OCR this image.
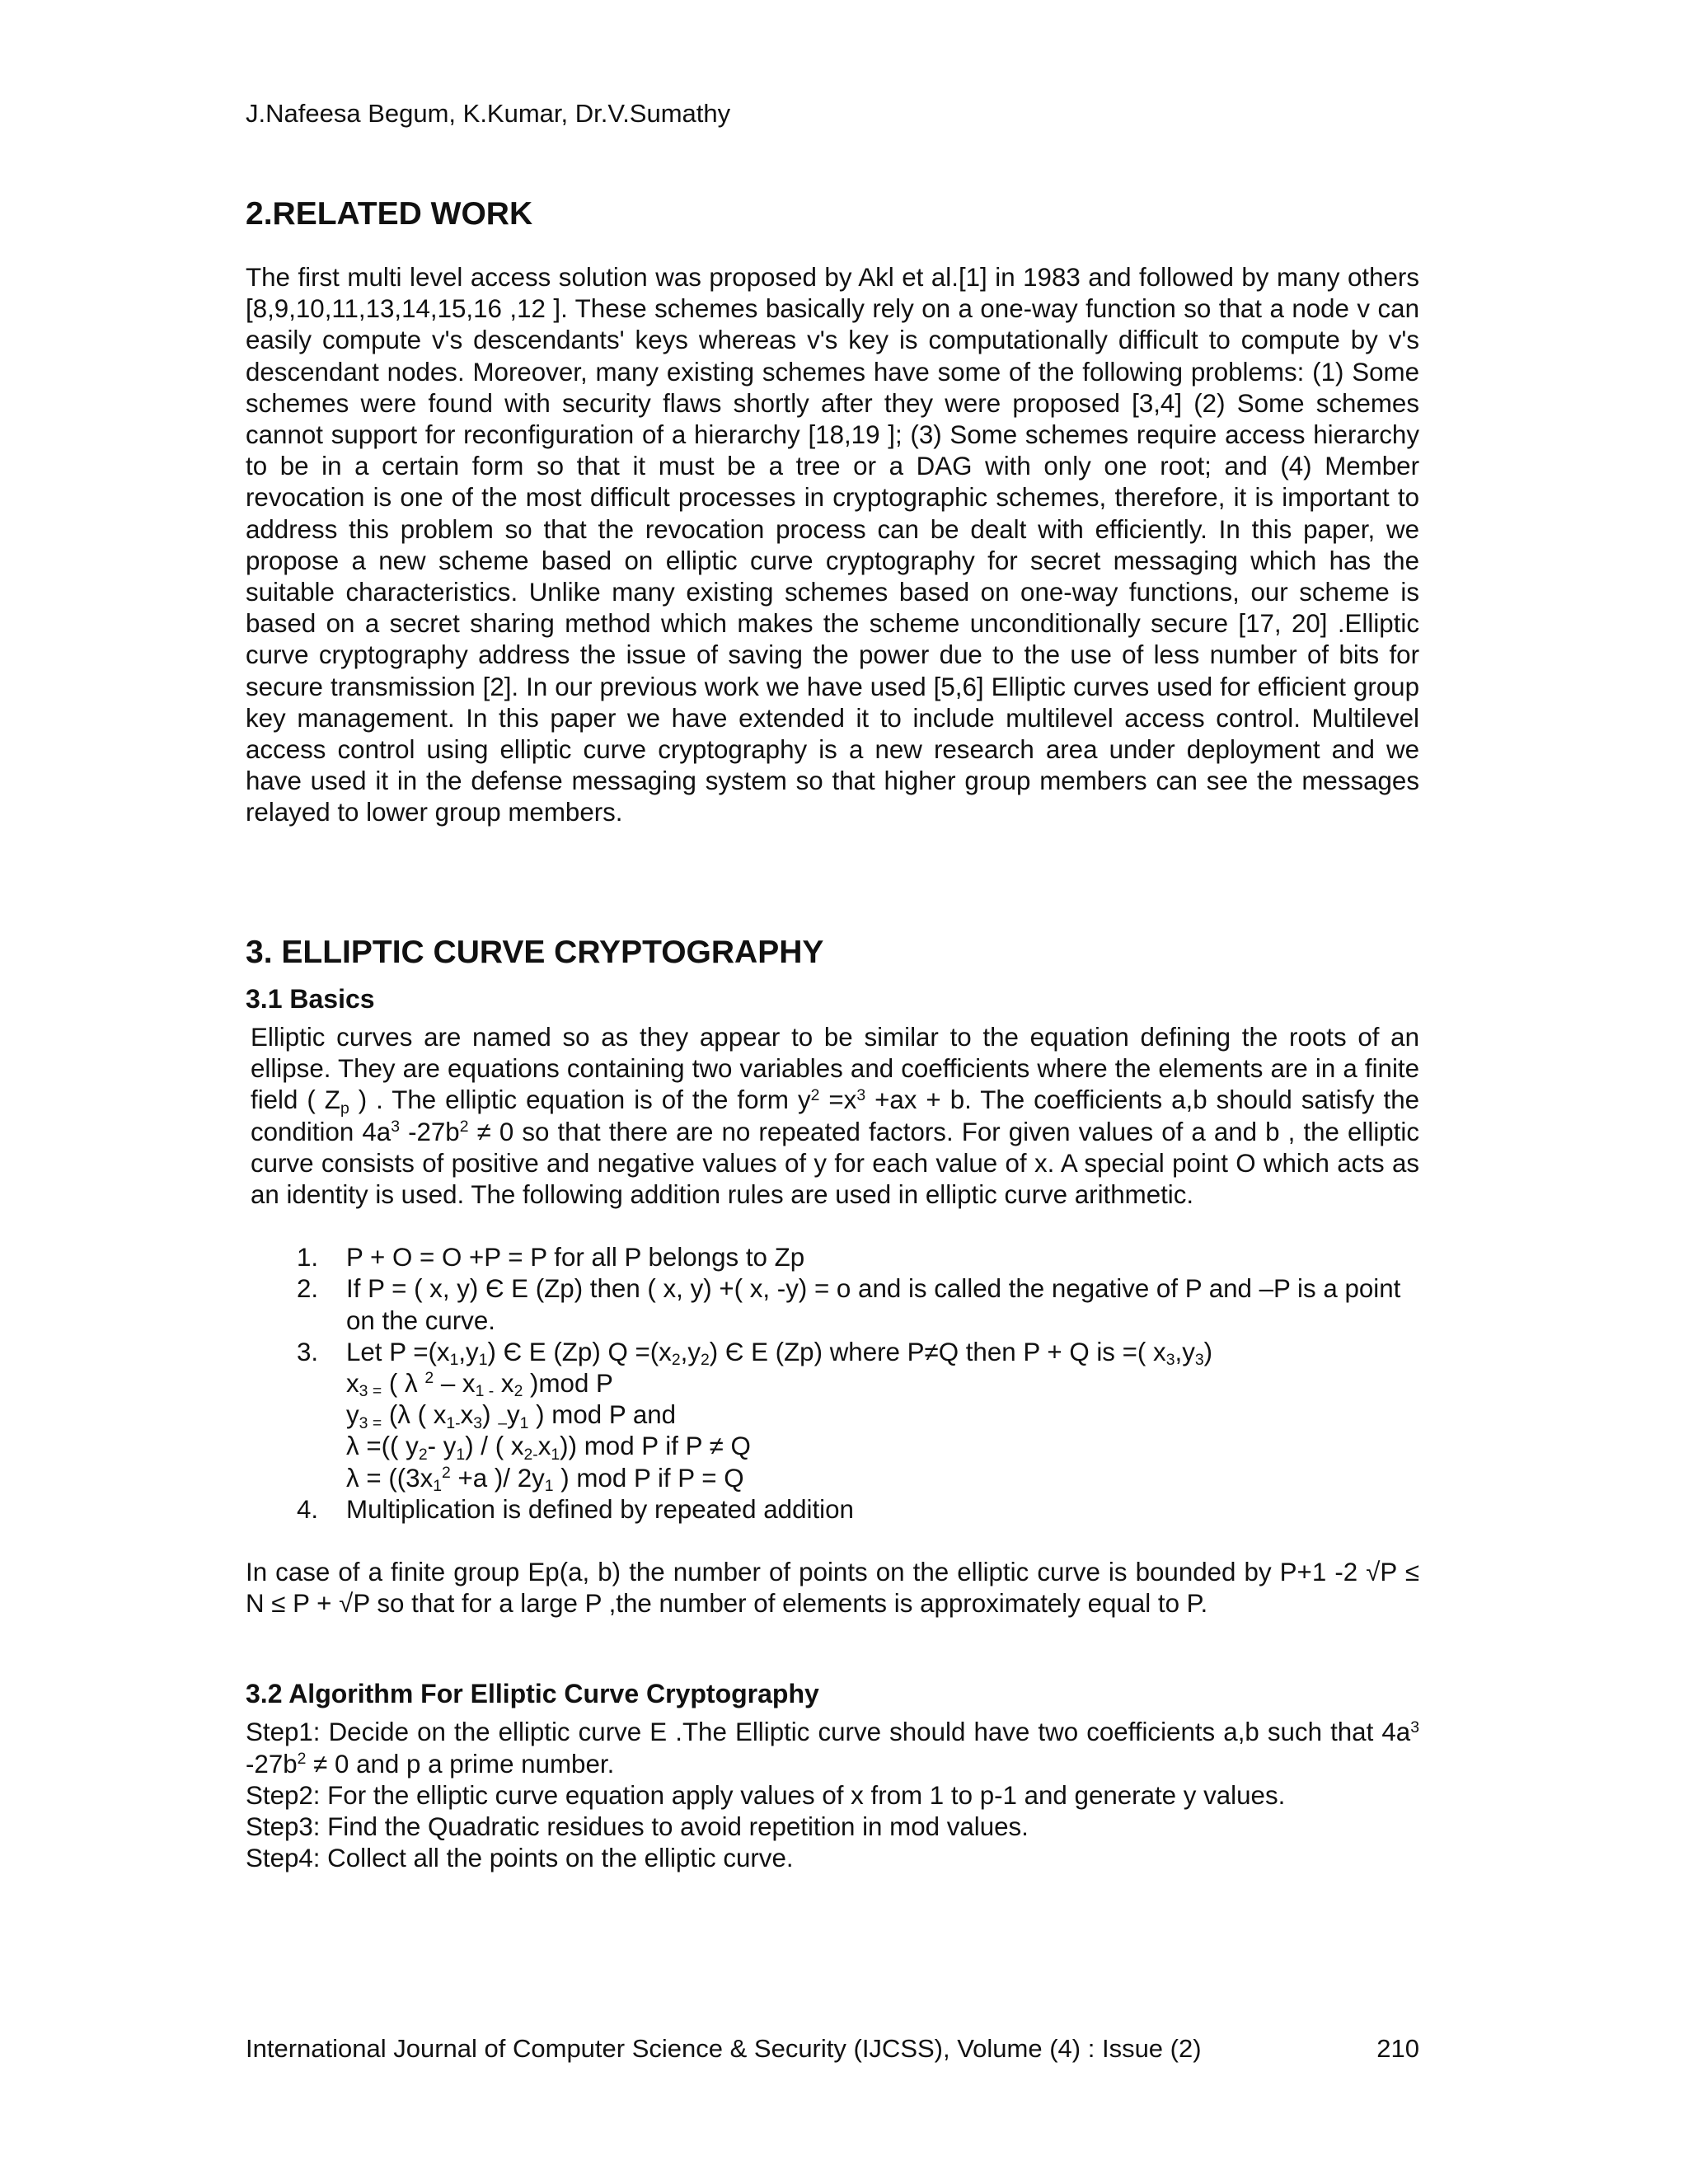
J.Nafeesa Begum, K.Kumar, Dr.V.Sumathy
2.RELATED WORK

The first multi level access solution was proposed by Akl et al.[1] in 1983 and followed by many others [8,9,10,11,13,14,15,16 ,12 ]. These schemes basically rely on a one-way function so that a node v can easily compute v's descendants' keys whereas v's key is computationally difficult to compute by v's descendant nodes. Moreover, many existing schemes have some of the following problems: (1) Some schemes were found with security flaws shortly after they were proposed [3,4] (2) Some schemes cannot support for reconfiguration of a hierarchy [18,19 ]; (3) Some schemes require access hierarchy to be in a certain form so that it must be a tree or a DAG with only one root; and (4) Member revocation is one of the most difficult processes in cryptographic schemes, therefore, it is important to address this problem so that the revocation process can be dealt with efficiently. In this paper, we propose a new scheme based on elliptic curve cryptography for secret messaging which has the suitable characteristics. Unlike many existing schemes based on one-way functions, our scheme is based on a secret sharing method which makes the scheme unconditionally secure [17, 20] .Elliptic curve cryptography address the issue of saving the power due to the use of less number of bits for secure transmission [2]. In our previous work we have used [5,6] Elliptic curves used for efficient group key management. In this paper we have extended it to include multilevel access control. Multilevel access control using elliptic curve cryptography is a new research area under deployment and we have used it in the defense messaging system so that higher group members can see the messages relayed to lower group members.

3. ELLIPTIC CURVE CRYPTOGRAPHY
3.1 Basics

Elliptic curves are named so as they appear to be similar to the equation defining the roots of an ellipse. They are equations containing two variables and coefficients where the elements are in a finite field ( $Z_p$ ) . The elliptic equation is of the form $y^2 =x^3 +ax + b$. The coefficients a,b should satisfy the condition $4a^3$ $-27b^2 \ne 0$ so that there are no repeated factors. For given values of a and b , the elliptic curve consists of positive and negative values of y for each value of x. A special point O which acts as an identity is used. The following addition rules are used in elliptic curve arithmetic.

1. P + O = O +P = P for all P belongs to Zp
2. If P = ( x, y) Є E (Zp) then ( x, y) +( x, -y) = o and is called the negative of P and –P is a point on the curve.
3. Let $P =(x_1,y_1)$ Є E (Zp) $Q =(x_2,y_2)$ Є E (Zp) where P≠Q then P + Q is =( $x_3,y_3$)
$x_{3 =}$ ( λ $^2 - x_{1 -}$ $x_2$ )mod P
$y_{3 =}$ (λ ( $x_{1-}x_3$) $_-y_1$ ) mod P and
λ =(( $y_2-$ $y_1$) / ( $x_{2-}x_1$)) mod P if P ≠ Q
$\lambda = ((3x_1^2 +a$ )/ $2y_1$ ) mod P if P = Q
4. Multiplication is defined by repeated addition

In case of a finite group Ep(a, b) the number of points on the elliptic curve is bounded by P+1 -2 √P ≤ N ≤ P + √P so that for a large P ,the number of elements is approximately equal to P.

3.2 Algorithm For Elliptic Curve Cryptography

Step1: Decide on the elliptic curve E .The Elliptic curve should have two coefficients a,b such that $4a^3$ $-27b^2 \ne 0$ and p a prime number.

Step2: For the elliptic curve equation apply values of x from 1 to p-1 and generate y values.

Step3: Find the Quadratic residues to avoid repetition in mod values.

Step4: Collect all the points on the elliptic curve.

International Journal of Computer Science & Security (IJCSS), Volume (4) : Issue (2)	210
